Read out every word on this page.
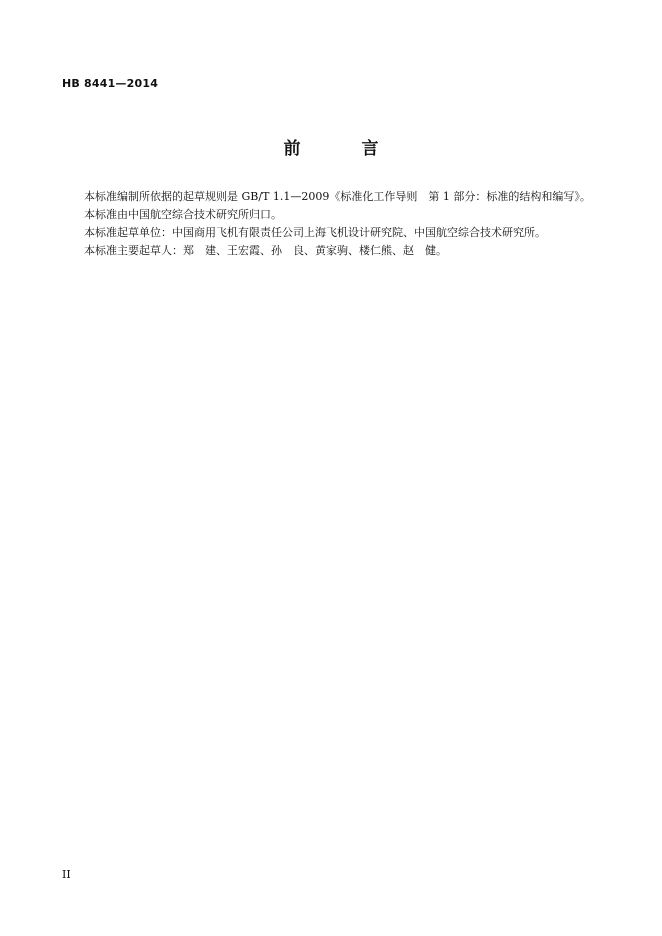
HB 8441—2014
前　言

本标准编制所依据的起草规则是 GB/T 1.1—2009《标准化工作导则　第 1 部分：标准的结构和编写》。

本标准由中国航空综合技术研究所归口。

本标准起草单位：中国商用飞机有限责任公司上海飞机设计研究院、中国航空综合技术研究所。

本标准主要起草人：郑　建、王宏霞、孙　良、黄家驹、楼仁熊、赵　健。

II
